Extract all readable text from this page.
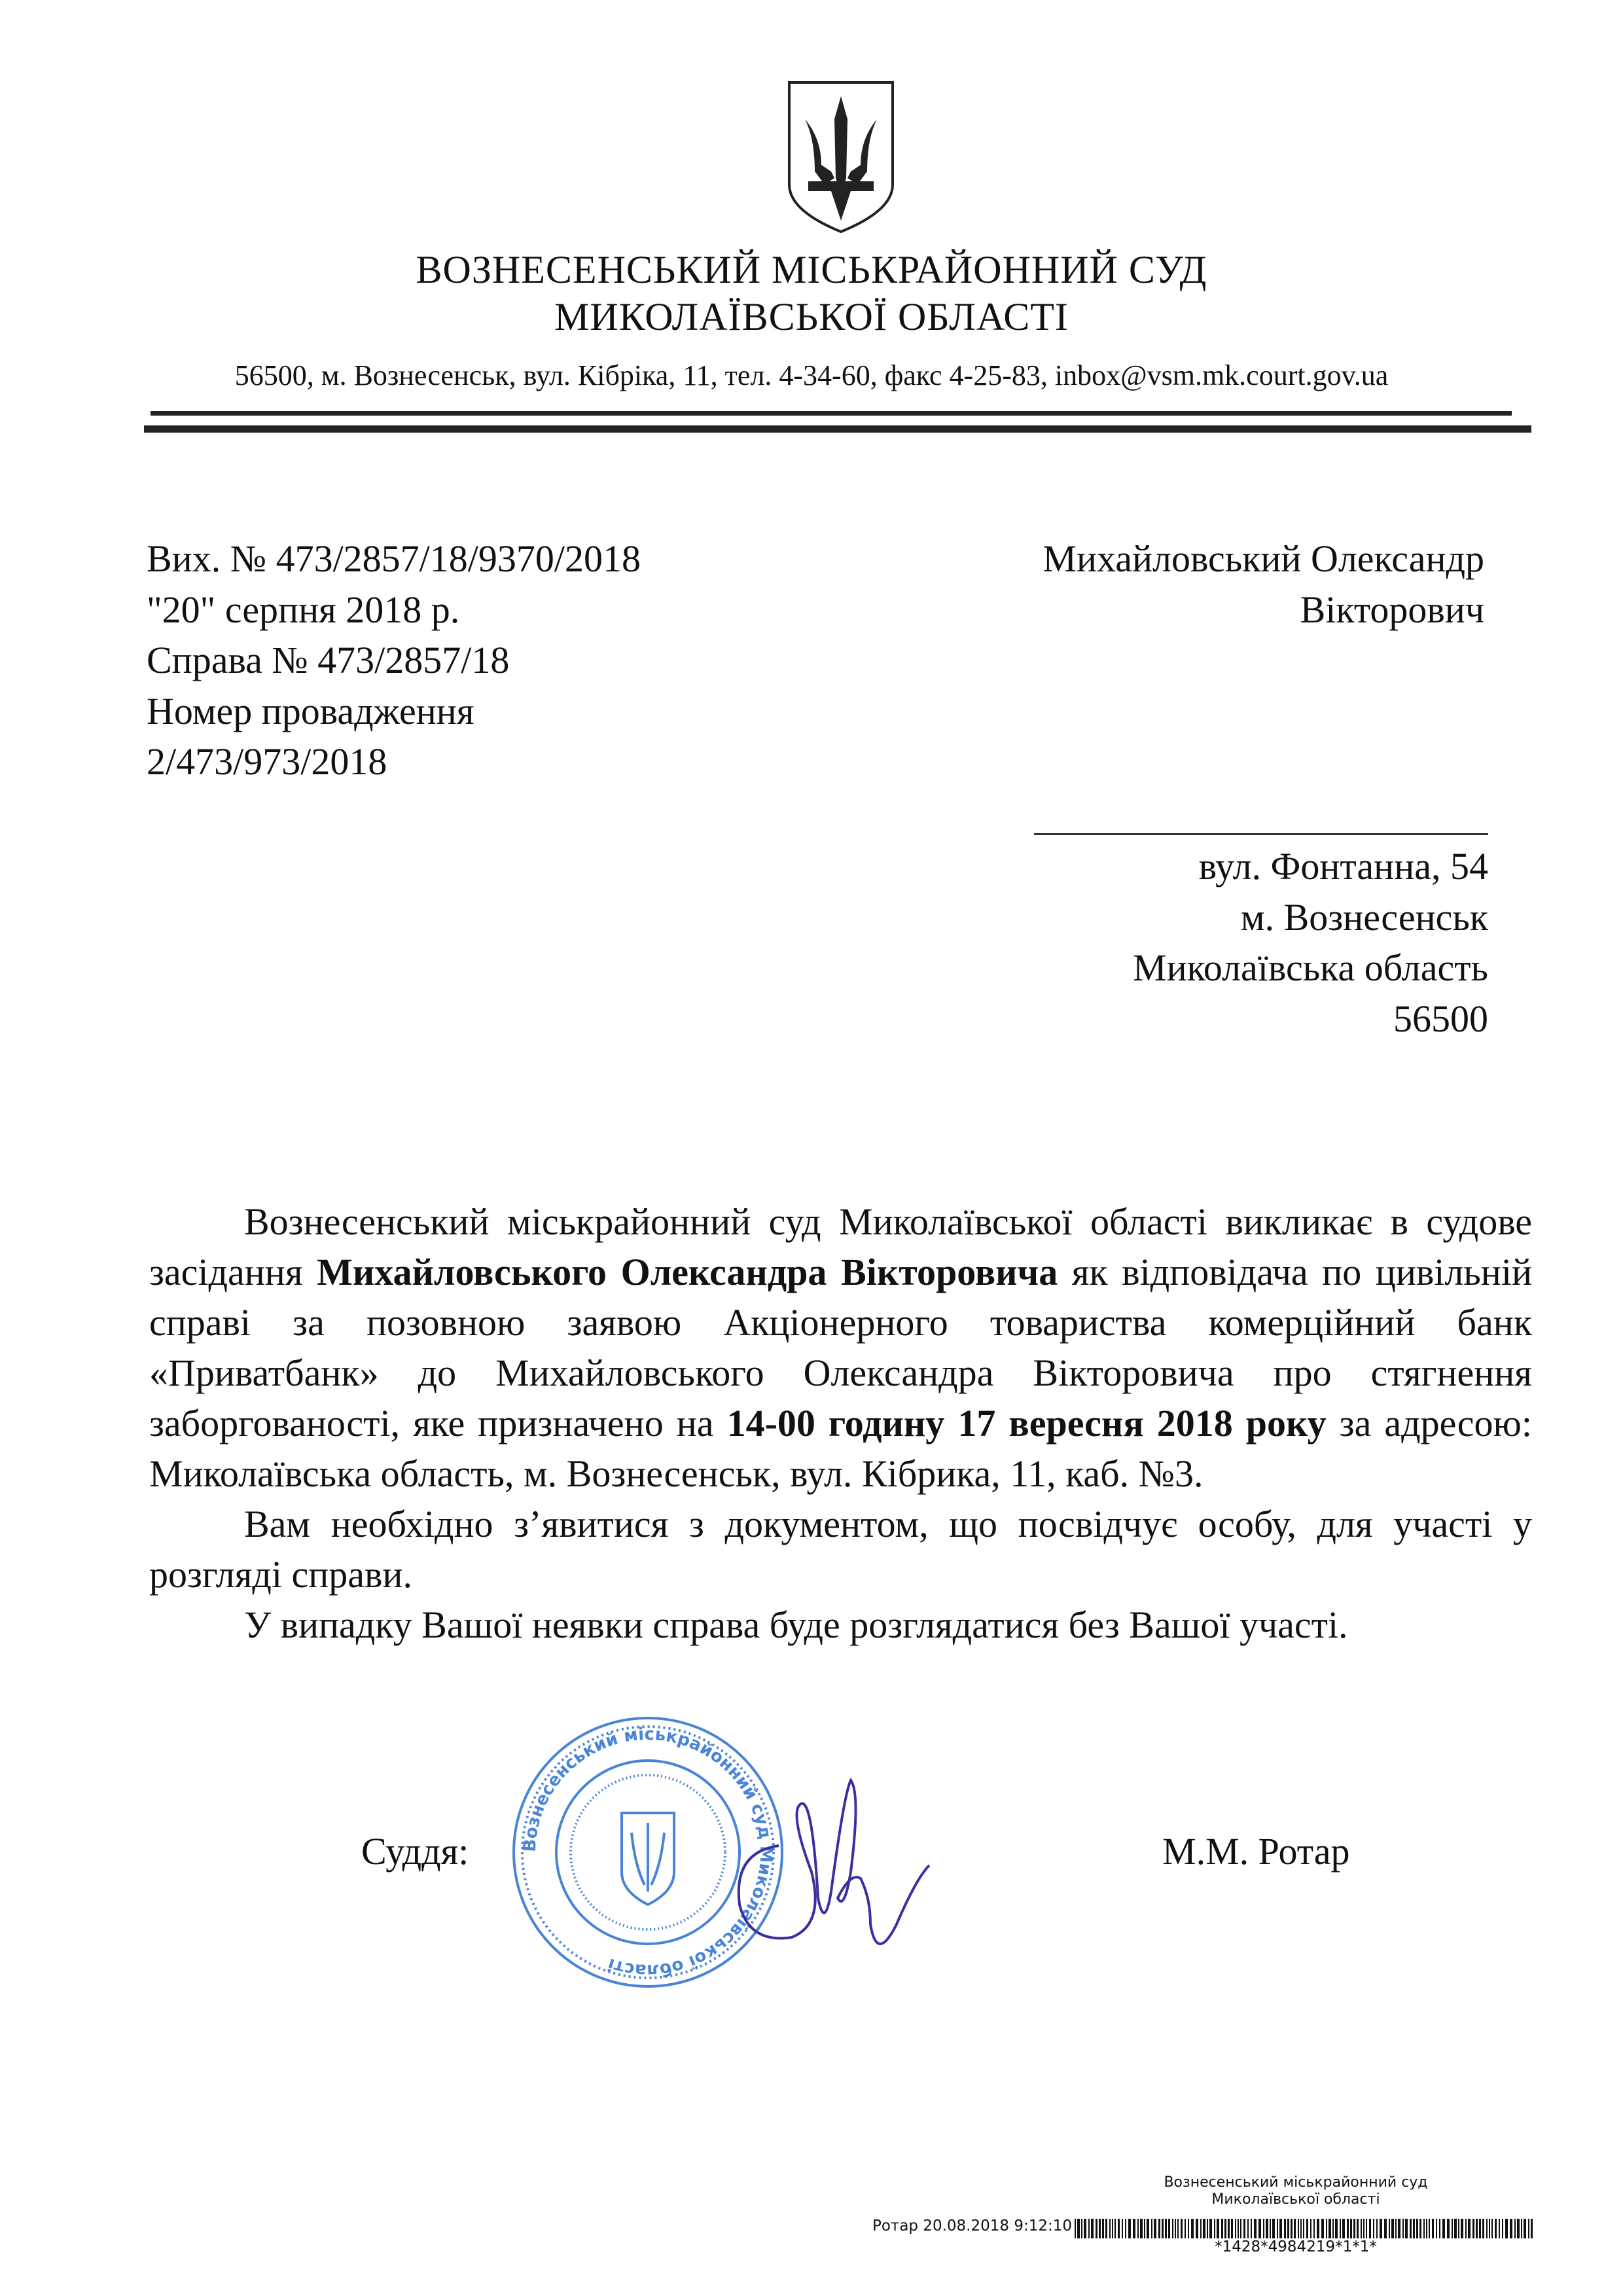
ВОЗНЕСЕНСЬКИЙ МІСЬКРАЙОННИЙ СУД
МИКОЛАЇВСЬКОЇ ОБЛАСТІ
56500, м. Вознесенськ, вул. Кібріка, 11, тел. 4-34-60, факс 4-25-83, inbox@vsm.mk.court.gov.ua
Вих. № 473/2857/18/9370/2018
"20" серпня 2018 р.
Справа № 473/2857/18
Номер провадження
2/473/973/2018
Михайловський Олександр
Вікторович
вул. Фонтанна, 54
м. Вознесенськ
Миколаївська область
56500

Вознесенський міськрайонний суд Миколаївської області викликає в судове засідання Михайловського Олександра Вікторовича як відповідача по цивільній справі за позовною заявою Акціонерного товариства комерційний банк «Приватбанк» до Михайловського Олександра Вікторовича про стягнення заборгованості, яке призначено на 14-00 годину 17 вересня 2018 року за адресою: Миколаївська область, м. Вознесенськ, вул. Кібрика, 11, каб. №3.

Вам необхідно з’явитися з документом, що посвідчує особу, для участі у розгляді справи.

У випадку Вашої неявки справа буде розглядатися без Вашої участі.

Вознесенський міськрайонний суд Миколаївської області
Суддя:	М.М. Ротар
Вознесенський міськрайонний суд
Миколаївської області
Ротар 20.08.2018 9:12:10
*1428*4984219*1*1*
